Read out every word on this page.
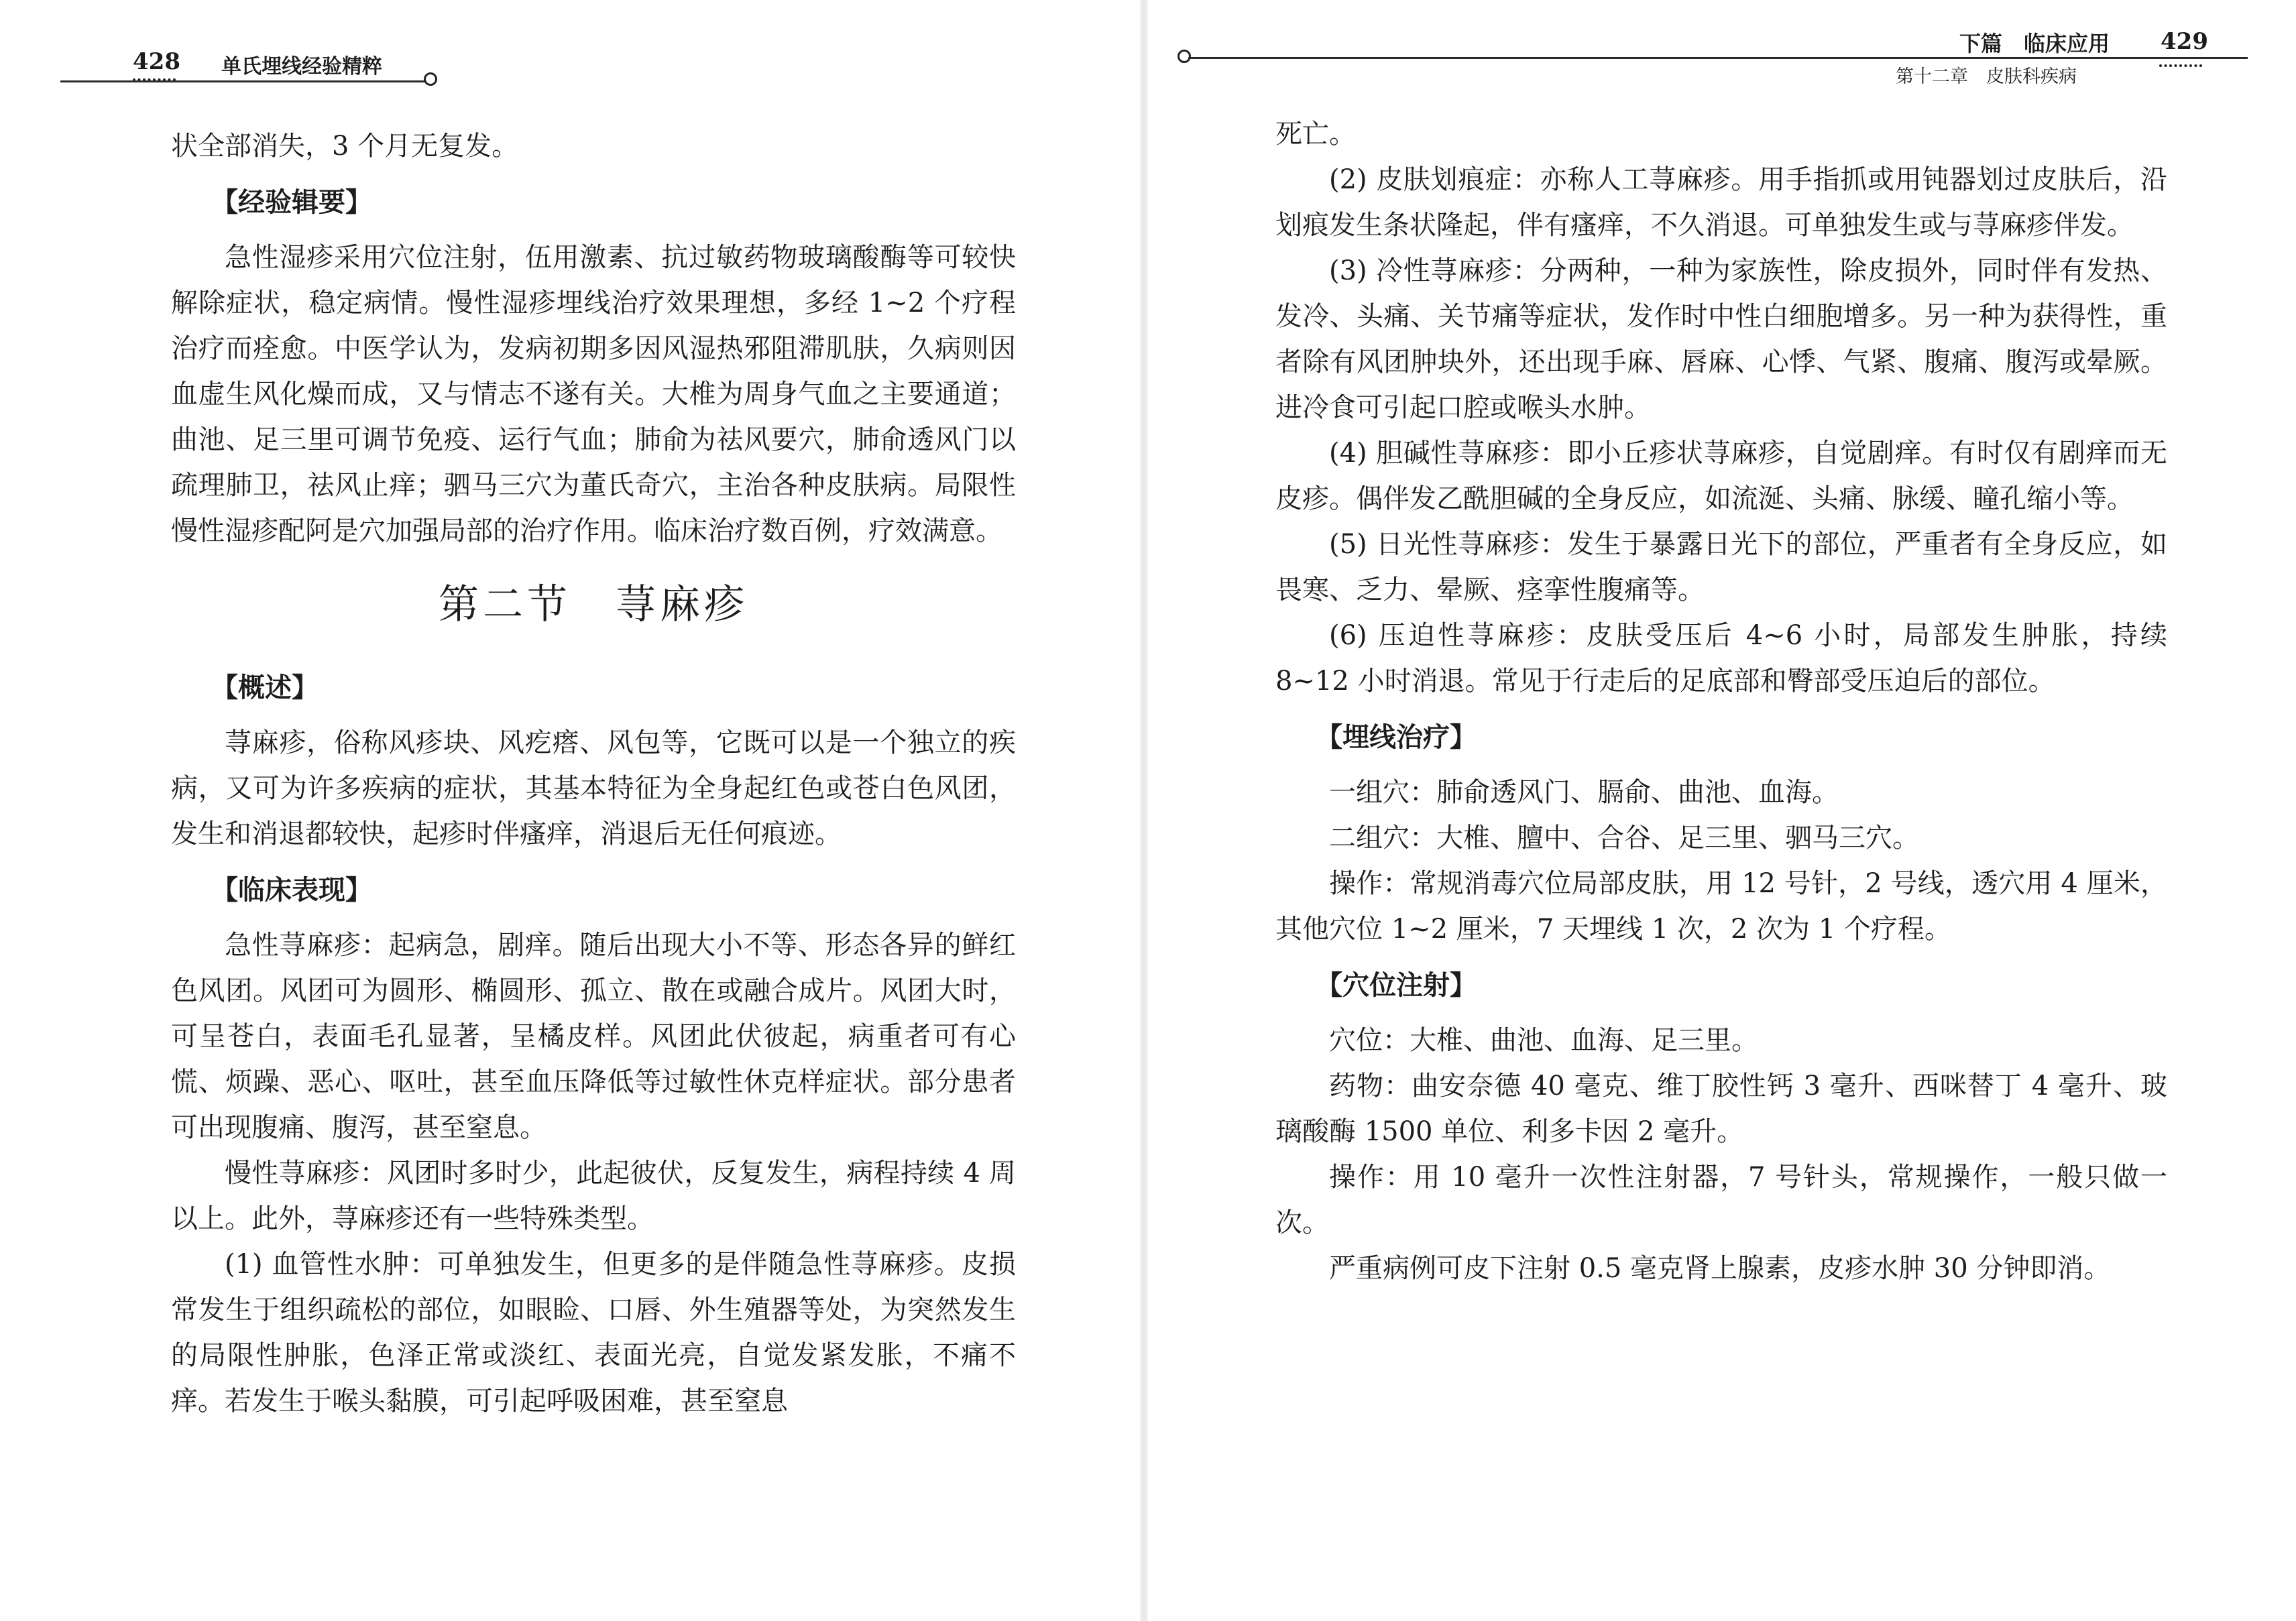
428 单氏埋线经验精粹

状全部消失，3 个月无复发。

【经验辑要】

急性湿疹采用穴位注射，伍用激素、抗过敏药物玻璃酸酶等可较快解除症状，稳定病情。慢性湿疹埋线治疗效果理想，多经 1~2 个疗程治疗而痊愈。中医学认为，发病初期多因风湿热邪阻滞肌肤，久病则因血虚生风化燥而成，又与情志不遂有关。大椎为周身气血之主要通道；曲池、足三里可调节免疫、运行气血；肺俞为祛风要穴，肺俞透风门以疏理肺卫，祛风止痒；驷马三穴为董氏奇穴，主治各种皮肤病。局限性慢性湿疹配阿是穴加强局部的治疗作用。临床治疗数百例，疗效满意。

第二节　荨麻疹
【概述】

荨麻疹，俗称风疹块、风疙瘩、风包等，它既可以是一个独立的疾病，又可为许多疾病的症状，其基本特征为全身起红色或苍白色风团，发生和消退都较快，起疹时伴瘙痒，消退后无任何痕迹。

【临床表现】

急性荨麻疹：起病急，剧痒。随后出现大小不等、形态各异的鲜红色风团。风团可为圆形、椭圆形、孤立、散在或融合成片。风团大时，可呈苍白，表面毛孔显著，呈橘皮样。风团此伏彼起，病重者可有心慌、烦躁、恶心、呕吐，甚至血压降低等过敏性休克样症状。部分患者可出现腹痛、腹泻，甚至窒息。

慢性荨麻疹：风团时多时少，此起彼伏，反复发生，病程持续 4 周以上。此外，荨麻疹还有一些特殊类型。

(1) 血管性水肿：可单独发生，但更多的是伴随急性荨麻疹。皮损常发生于组织疏松的部位，如眼睑、口唇、外生殖器等处，为突然发生的局限性肿胀，色泽正常或淡红、表面光亮，自觉发紧发胀，不痛不痒。若发生于喉头黏膜，可引起呼吸困难，甚至窒息

下篇　临床应用 429
第十二章　皮肤科疾病

死亡。

(2) 皮肤划痕症：亦称人工荨麻疹。用手指抓或用钝器划过皮肤后，沿划痕发生条状隆起，伴有瘙痒，不久消退。可单独发生或与荨麻疹伴发。

(3) 冷性荨麻疹：分两种，一种为家族性，除皮损外，同时伴有发热、发冷、头痛、关节痛等症状，发作时中性白细胞增多。另一种为获得性，重者除有风团肿块外，还出现手麻、唇麻、心悸、气紧、腹痛、腹泻或晕厥。进冷食可引起口腔或喉头水肿。

(4) 胆碱性荨麻疹：即小丘疹状荨麻疹，自觉剧痒。有时仅有剧痒而无皮疹。偶伴发乙酰胆碱的全身反应，如流涎、头痛、脉缓、瞳孔缩小等。

(5) 日光性荨麻疹：发生于暴露日光下的部位，严重者有全身反应，如畏寒、乏力、晕厥、痉挛性腹痛等。

(6) 压迫性荨麻疹：皮肤受压后 4~6 小时，局部发生肿胀，持续 8~12 小时消退。常见于行走后的足底部和臀部受压迫后的部位。

【埋线治疗】

一组穴：肺俞透风门、膈俞、曲池、血海。

二组穴：大椎、膻中、合谷、足三里、驷马三穴。

操作：常规消毒穴位局部皮肤，用 12 号针，2 号线，透穴用 4 厘米，其他穴位 1~2 厘米，7 天埋线 1 次，2 次为 1 个疗程。

【穴位注射】

穴位：大椎、曲池、血海、足三里。

药物：曲安奈德 40 毫克、维丁胶性钙 3 毫升、西咪替丁 4 毫升、玻璃酸酶 1500 单位、利多卡因 2 毫升。

操作：用 10 毫升一次性注射器，7 号针头，常规操作，一般只做一次。

严重病例可皮下注射 0.5 毫克肾上腺素，皮疹水肿 30 分钟即消。
